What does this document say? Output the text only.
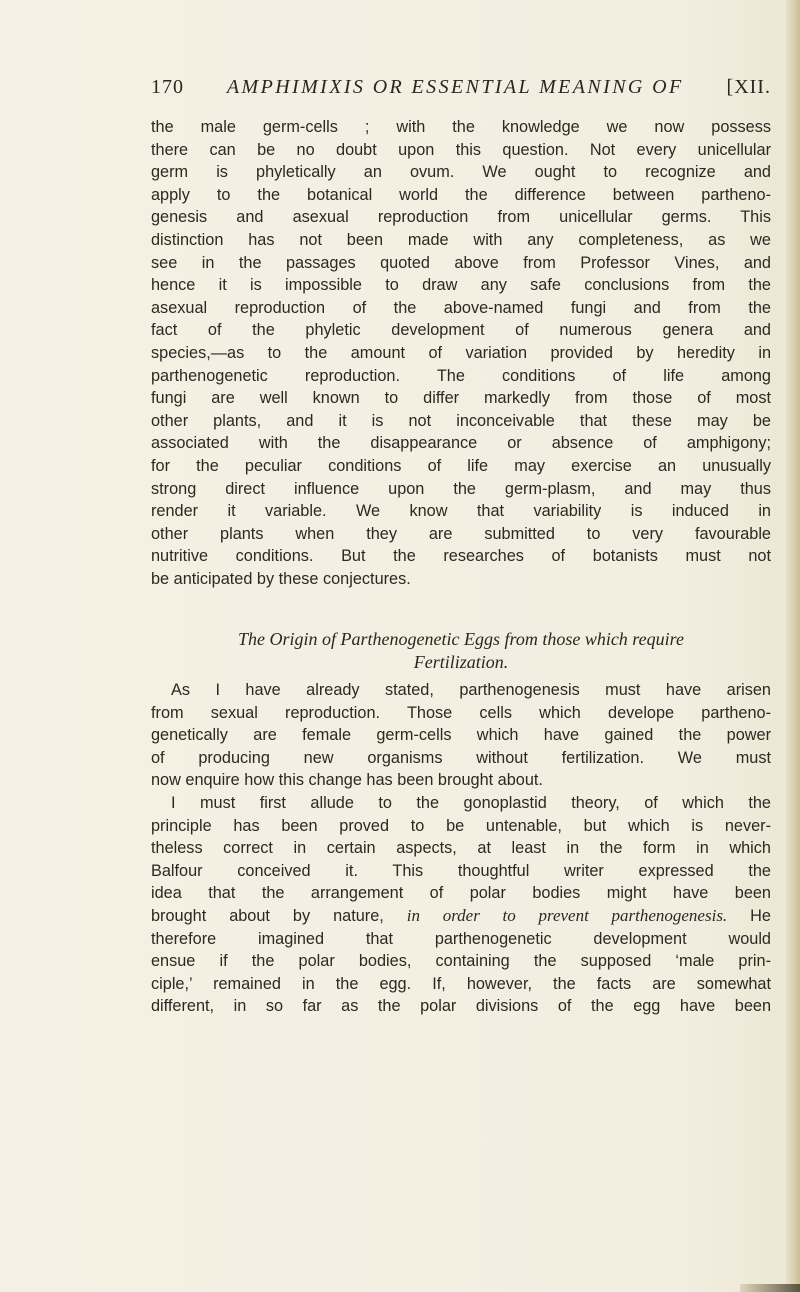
170 AMPHIMIXIS OR ESSENTIAL MEANING OF [XII.
the male germ-cells ; with the knowledge we now possess
there can be no doubt upon this question. Not every unicellular
germ is phyletically an ovum. We ought to recognize and
apply to the botanical world the difference between partheno-
genesis and asexual reproduction from unicellular germs. This
distinction has not been made with any completeness, as we
see in the passages quoted above from Professor Vines, and
hence it is impossible to draw any safe conclusions from the
asexual reproduction of the above-named fungi and from the
fact of the phyletic development of numerous genera and
species,—as to the amount of variation provided by heredity in
parthenogenetic reproduction. The conditions of life among
fungi are well known to differ markedly from those of most
other plants, and it is not inconceivable that these may be
associated with the disappearance or absence of amphigony;
for the peculiar conditions of life may exercise an unusually
strong direct influence upon the germ-plasm, and may thus
render it variable. We know that variability is induced in
other plants when they are submitted to very favourable
nutritive conditions. But the researches of botanists must not
be anticipated by these conjectures.
The Origin of Parthenogenetic Eggs from those which require
Fertilization.
As I have already stated, parthenogenesis must have arisen
from sexual reproduction. Those cells which develope partheno-
genetically are female germ-cells which have gained the power
of producing new organisms without fertilization. We must
now enquire how this change has been brought about.
I must first allude to the gonoplastid theory, of which the
principle has been proved to be untenable, but which is never-
theless correct in certain aspects, at least in the form in which
Balfour conceived it. This thoughtful writer expressed the
idea that the arrangement of polar bodies might have been
brought about by nature, in order to prevent parthenogenesis. He
therefore imagined that parthenogenetic development would
ensue if the polar bodies, containing the supposed ‘male prin-
ciple,’ remained in the egg. If, however, the facts are somewhat
different, in so far as the polar divisions of the egg have been
